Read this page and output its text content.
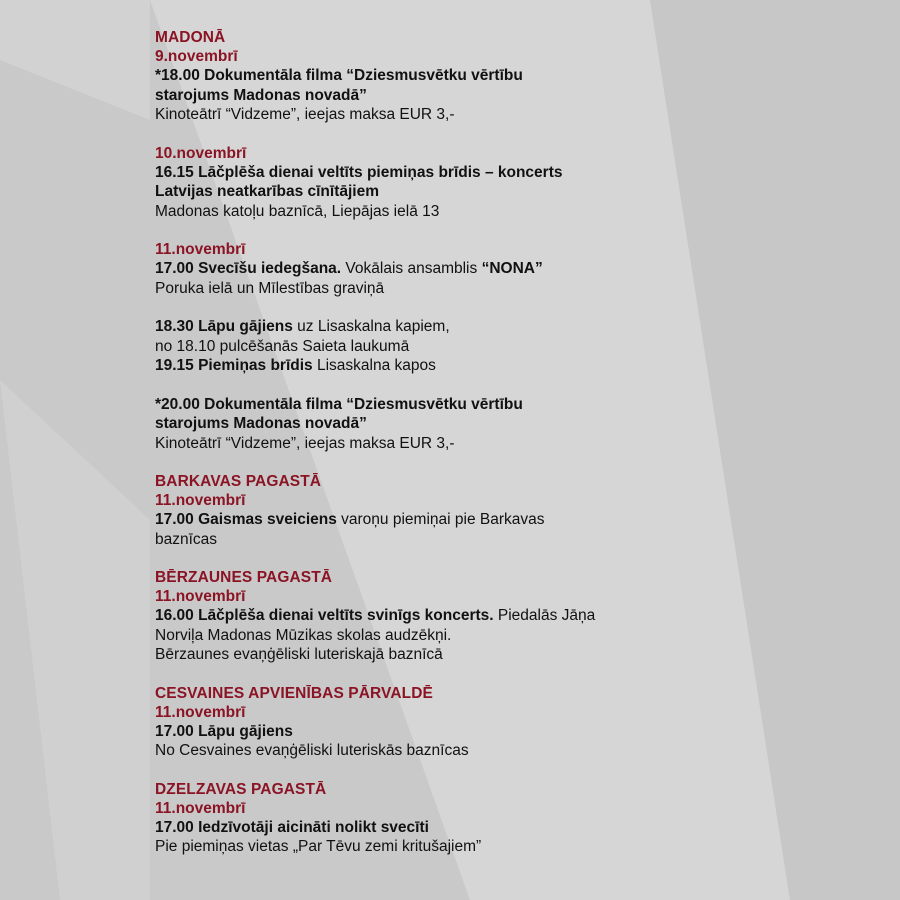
MADONĀ
9.novembrī
*18.00 Dokumentāla filma “Dziesmusvētku vērtību
starojums Madonas novadā”
Kinoteātrī “Vidzeme”, ieejas maksa EUR 3,-
10.novembrī
16.15 Lāčplēša dienai veltīts piemiņas brīdis – koncerts
Latvijas neatkarības cīnītājiem
Madonas katoļu baznīcā, Liepājas ielā 13
11.novembrī
17.00 Svecīšu iedegšana. Vokālais ansamblis “NONA”
Poruka ielā un Mīlestības graviņā
18.30 Lāpu gājiens uz Lisaskalna kapiem,
no 18.10 pulcēšanās Saieta laukumā
19.15 Piemiņas brīdis Lisaskalna kapos
*20.00 Dokumentāla filma “Dziesmusvētku vērtību
starojums Madonas novadā”
Kinoteātrī “Vidzeme”, ieejas maksa EUR 3,-
BARKAVAS PAGASTĀ
11.novembrī
17.00 Gaismas sveiciens varoņu piemiņai pie Barkavas
baznīcas
BĒRZAUNES PAGASTĀ
11.novembrī
16.00 Lāčplēša dienai veltīts svinīgs koncerts. Piedalās Jāņa
Norviļa Madonas Mūzikas skolas audzēkņi.
Bērzaunes evaņģēliski luteriskajā baznīcā
CESVAINES APVIENĪBAS PĀRVALDĒ
11.novembrī
17.00 Lāpu gājiens
No Cesvaines evaņģēliski luteriskās baznīcas
DZELZAVAS PAGASTĀ
11.novembrī
17.00 Iedzīvotāji aicināti nolikt svecīti
Pie piemiņas vietas „Par Tēvu zemi kritušajiem”
